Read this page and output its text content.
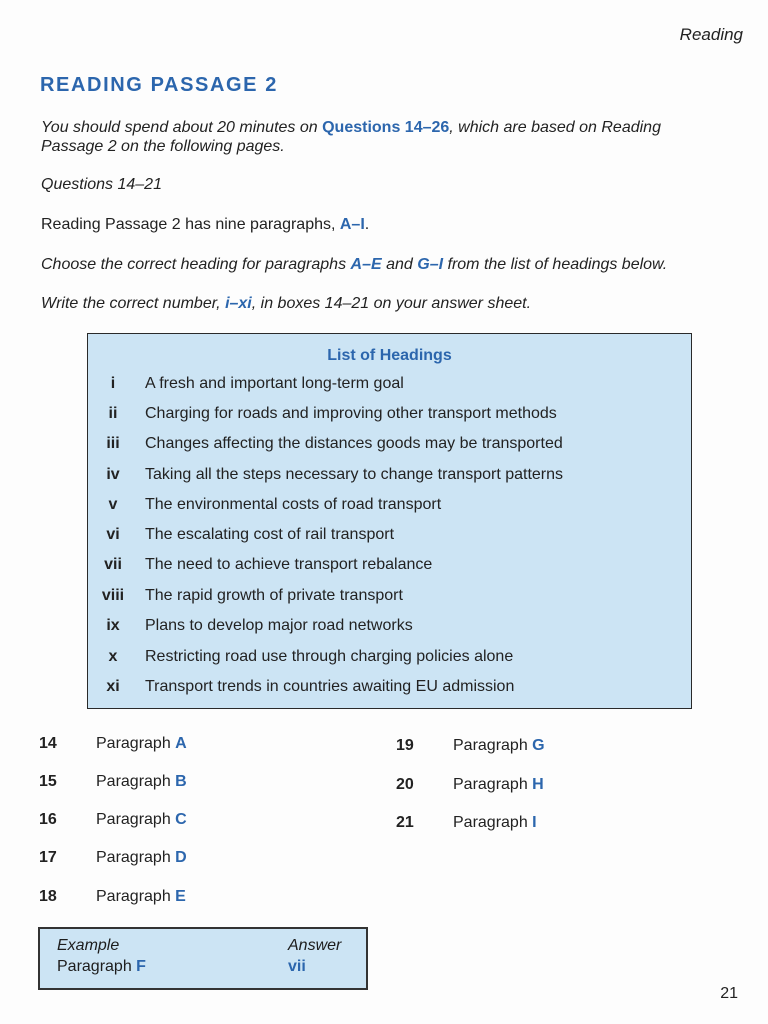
Reading
READING PASSAGE 2
You should spend about 20 minutes on Questions 14–26, which are based on Reading
Passage 2 on the following pages.
Questions 14–21
Reading Passage 2 has nine paragraphs, A–I.
Choose the correct heading for paragraphs A–E and G–I from the list of headings below.
Write the correct number, i–xi, in boxes 14–21 on your answer sheet.
List of Headings
i	A fresh and important long-term goal
ii	Charging for roads and improving other transport methods
iii	Changes affecting the distances goods may be transported
iv	Taking all the steps necessary to change transport patterns
v	The environmental costs of road transport
vi	The escalating cost of rail transport
vii	The need to achieve transport rebalance
viii	The rapid growth of private transport
ix	Plans to develop major road networks
x	Restricting road use through charging policies alone
xi	Transport trends in countries awaiting EU admission
14 Paragraph A
15 Paragraph B
16 Paragraph C
17 Paragraph D
18 Paragraph E
19 Paragraph G
20 Paragraph H
21 Paragraph I
Example	Answer
Paragraph F	vii
21
